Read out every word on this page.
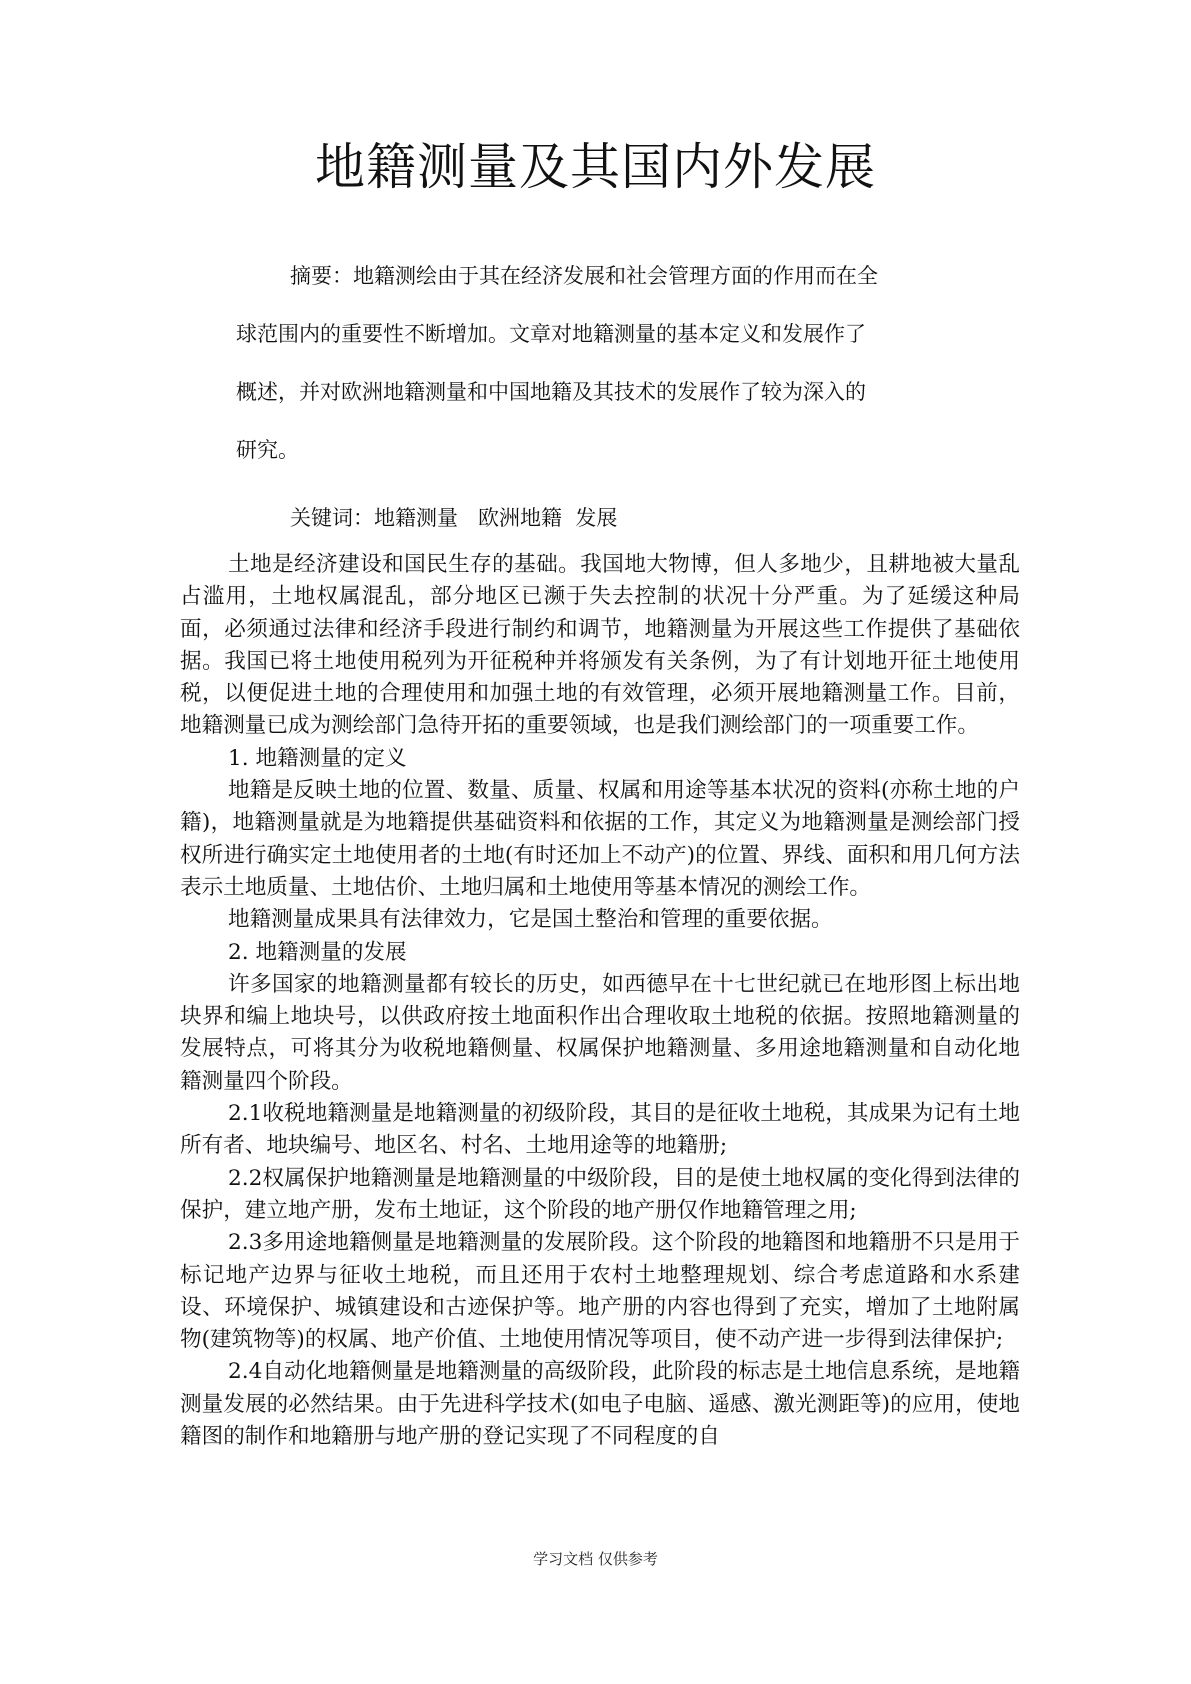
地籍测量及其国内外发展

摘要：地籍测绘由于其在经济发展和社会管理方面的作用而在全

球范围内的重要性不断增加。文章对地籍测量的基本定义和发展作了

概述，并对欧洲地籍测量和中国地籍及其技术的发展作了较为深入的

研究。

关键词：地籍测量   欧洲地籍  发展

土地是经济建设和国民生存的基础。我国地大物博，但人多地少，且耕地被大量乱占滥用，土地权属混乱，部分地区已濒于失去控制的状况十分严重。为了延缓这种局面，必须通过法律和经济手段进行制约和调节，地籍测量为开展这些工作提供了基础依据。我国已将土地使用税列为开征税种并将颁发有关条例，为了有计划地开征土地使用税，以便促进土地的合理使用和加强土地的有效管理，必须开展地籍测量工作。目前，地籍测量已成为测绘部门急待开拓的重要领域，也是我们测绘部门的一项重要工作。

1. 地籍测量的定义

地籍是反映土地的位置、数量、质量、权属和用途等基本状况的资料(亦称土地的户籍)，地籍测量就是为地籍提供基础资料和依据的工作，其定义为地籍测量是测绘部门授权所进行确实定土地使用者的土地(有时还加上不动产)的位置、界线、面积和用几何方法表示土地质量、土地估价、土地归属和土地使用等基本情况的测绘工作。

地籍测量成果具有法律效力，它是国土整治和管理的重要依据。

2. 地籍测量的发展

许多国家的地籍测量都有较长的历史，如西德早在十七世纪就已在地形图上标出地块界和编上地块号，以供政府按土地面积作出合理收取土地税的依据。按照地籍测量的发展特点，可将其分为收税地籍侧量、权属保护地籍测量、多用途地籍测量和自动化地籍测量四个阶段。

2.1收税地籍测量是地籍测量的初级阶段，其目的是征收土地税，其成果为记有土地所有者、地块编号、地区名、村名、土地用途等的地籍册;

2.2权属保护地籍测量是地籍测量的中级阶段，目的是使土地权属的变化得到法律的保护，建立地产册，发布土地证，这个阶段的地产册仅作地籍管理之用;

2.3多用途地籍侧量是地籍测量的发展阶段。这个阶段的地籍图和地籍册不只是用于标记地产边界与征收土地税，而且还用于农村土地整理规划、综合考虑道路和水系建设、环境保护、城镇建设和古迹保护等。地产册的内容也得到了充实，增加了土地附属物(建筑物等)的权属、地产价值、土地使用情况等项目，使不动产进一步得到法律保护;

2.4自动化地籍侧量是地籍测量的高级阶段，此阶段的标志是土地信息系统，是地籍测量发展的必然结果。由于先进科学技术(如电子电脑、遥感、激光测距等)的应用，使地籍图的制作和地籍册与地产册的登记实现了不同程度的自

学习文档 仅供参考
